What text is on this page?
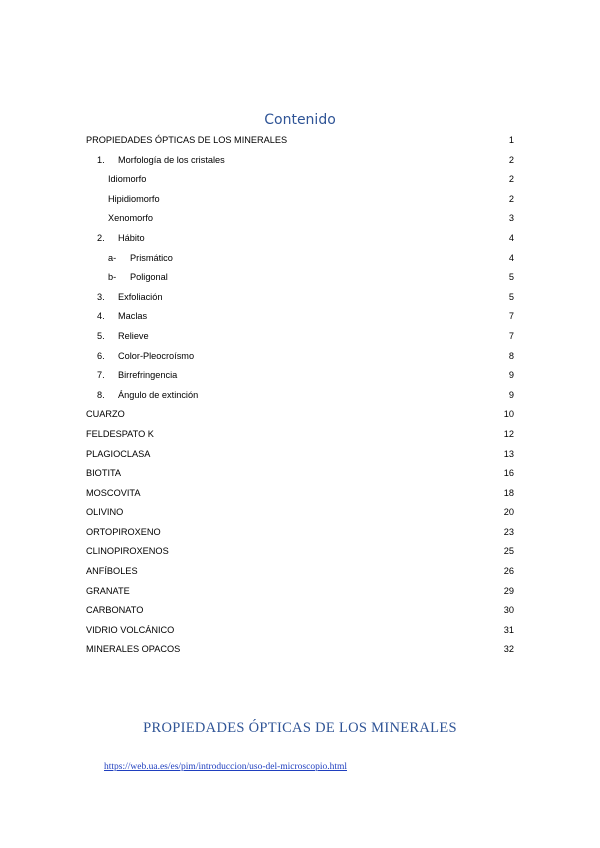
Contenido
PROPIEDADES ÓPTICAS DE LOS MINERALES	1
1. Morfología de los cristales	2
Idiomorfo	2
Hipidiomorfo	2
Xenomorfo	3
2. Hábito	4
a- Prismático	4
b- Poligonal	5
3. Exfoliación	5
4. Maclas	7
5. Relieve	7
6. Color-Pleocroísmo	8
7. Birrefringencia	9
8. Ángulo de extinción	9
CUARZO	10
FELDESPATO K	12
PLAGIOCLASA	13
BIOTITA	16
MOSCOVITA	18
OLIVINO	20
ORTOPIROXENO	23
CLINOPIROXENOS	25
ANFÍBOLES	26
GRANATE	29
CARBONATO	30
VIDRIO VOLCÁNICO	31
MINERALES OPACOS	32
PROPIEDADES ÓPTICAS DE LOS MINERALES
https://web.ua.es/es/pim/introduccion/uso-del-microscopio.html
